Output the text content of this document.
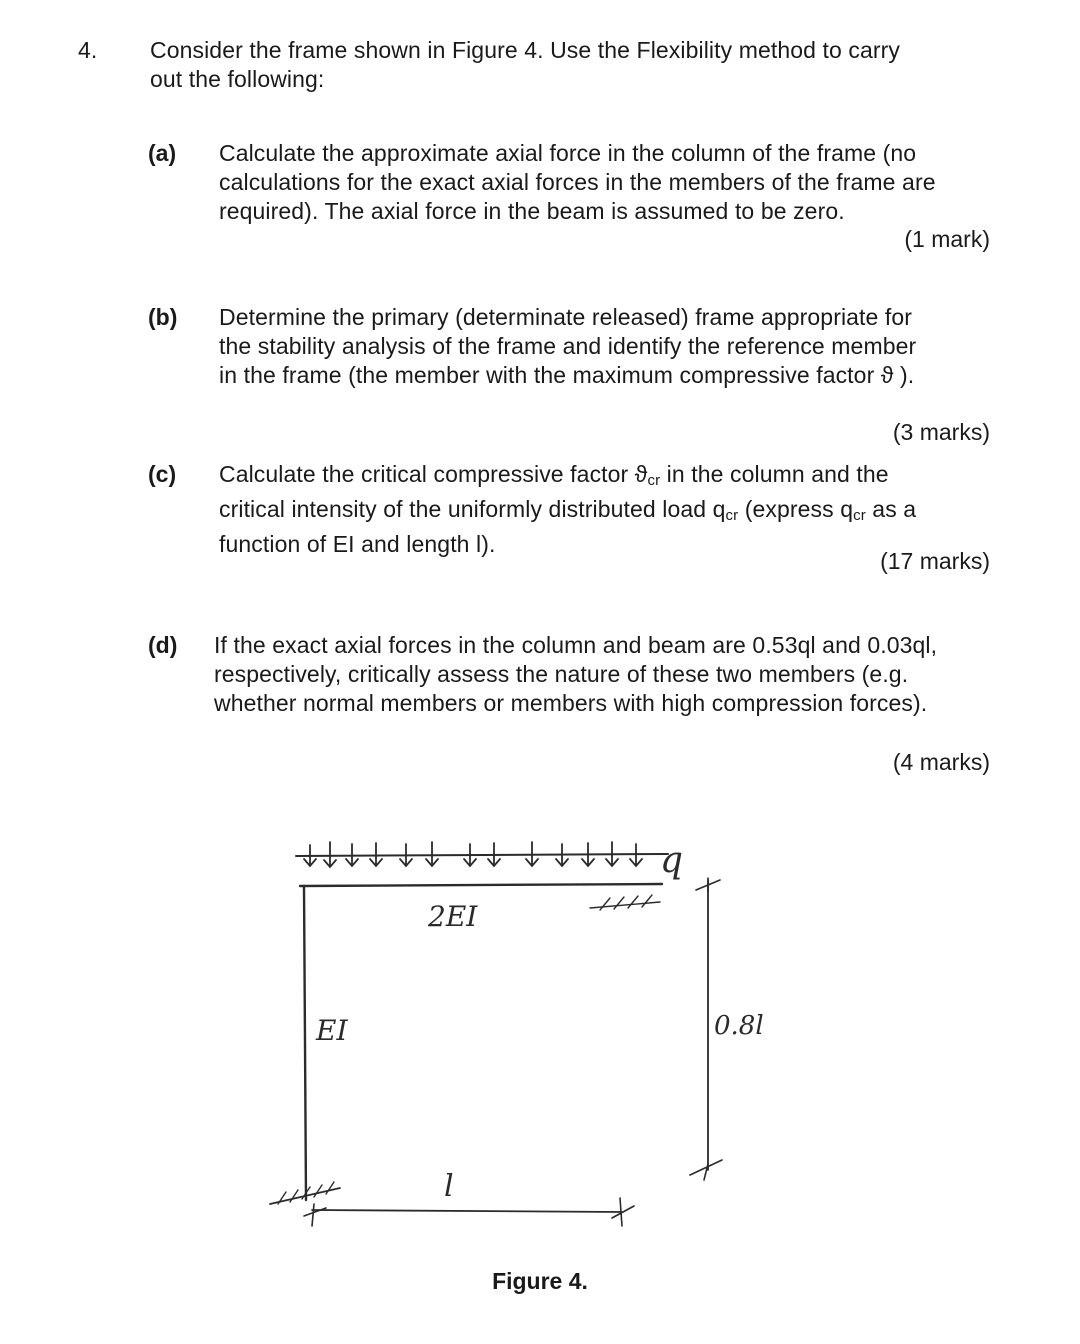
4. Consider the frame shown in Figure 4. Use the Flexibility method to carry
out the following:
(a) Calculate the approximate axial force in the column of the frame (no
calculations for the exact axial forces in the members of the frame are
required). The axial force in the beam is assumed to be zero.
(1 mark)
(b) Determine the primary (determinate released) frame appropriate for
the stability analysis of the frame and identify the reference member
in the frame (the member with the maximum compressive factor ϑ ).
(3 marks)
(c) Calculate the critical compressive factor $ϑ_{cr}$ in the column and the
critical intensity of the uniformly distributed load $q_{cr}$ (express $q_{cr}$ as a
function of EI and length l).
(17 marks)
(d) If the exact axial forces in the column and beam are 0.53ql and 0.03ql,
respectively, critically assess the nature of these two members (e.g.
whether normal members or members with high compression forces).
(4 marks)
q
2EI
EI	0.8l
l
Figure 4.
